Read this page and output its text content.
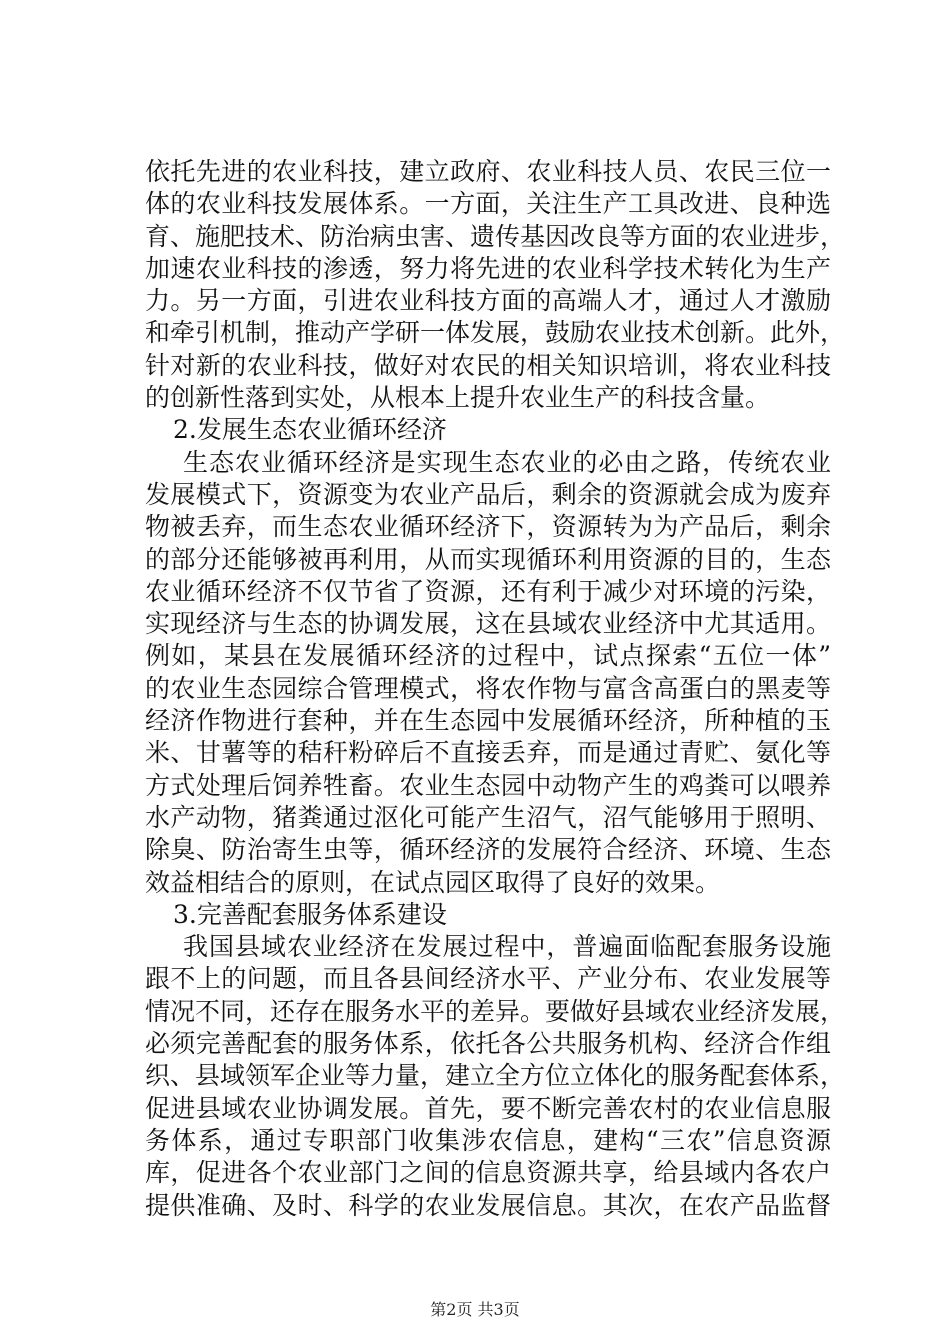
依托先进的农业科技，建立政府、农业科技人员、农民三位一
体的农业科技发展体系。一方面，关注生产工具改进、良种选
育、施肥技术、防治病虫害、遗传基因改良等方面的农业进步，
加速农业科技的渗透，努力将先进的农业科学技术转化为生产
力。另一方面，引进农业科技方面的高端人才，通过人才激励
和牵引机制，推动产学研一体发展，鼓励农业技术创新。此外，
针对新的农业科技，做好对农民的相关知识培训，将农业科技
的创新性落到实处，从根本上提升农业生产的科技含量。
2.发展生态农业循环经济
生态农业循环经济是实现生态农业的必由之路，传统农业
发展模式下，资源变为农业产品后，剩余的资源就会成为废弃
物被丢弃，而生态农业循环经济下，资源转为为产品后，剩余
的部分还能够被再利用，从而实现循环利用资源的目的，生态
农业循环经济不仅节省了资源，还有利于减少对环境的污染，
实现经济与生态的协调发展，这在县域农业经济中尤其适用。
例如，某县在发展循环经济的过程中，试点探索“五位一体”
的农业生态园综合管理模式，将农作物与富含高蛋白的黑麦等
经济作物进行套种，并在生态园中发展循环经济，所种植的玉
米、甘薯等的秸秆粉碎后不直接丢弃，而是通过青贮、氨化等
方式处理后饲养牲畜。农业生态园中动物产生的鸡粪可以喂养
水产动物，猪粪通过沤化可能产生沼气，沼气能够用于照明、
除臭、防治寄生虫等，循环经济的发展符合经济、环境、生态
效益相结合的原则，在试点园区取得了良好的效果。
3.完善配套服务体系建设
我国县域农业经济在发展过程中，普遍面临配套服务设施
跟不上的问题，而且各县间经济水平、产业分布、农业发展等
情况不同，还存在服务水平的差异。要做好县域农业经济发展，
必须完善配套的服务体系，依托各公共服务机构、经济合作组
织、县域领军企业等力量，建立全方位立体化的服务配套体系，
促进县域农业协调发展。首先，要不断完善农村的农业信息服
务体系，通过专职部门收集涉农信息，建构“三农”信息资源
库，促进各个农业部门之间的信息资源共享，给县域内各农户
提供准确、及时、科学的农业发展信息。其次，在农产品监督
第2页 共3页
